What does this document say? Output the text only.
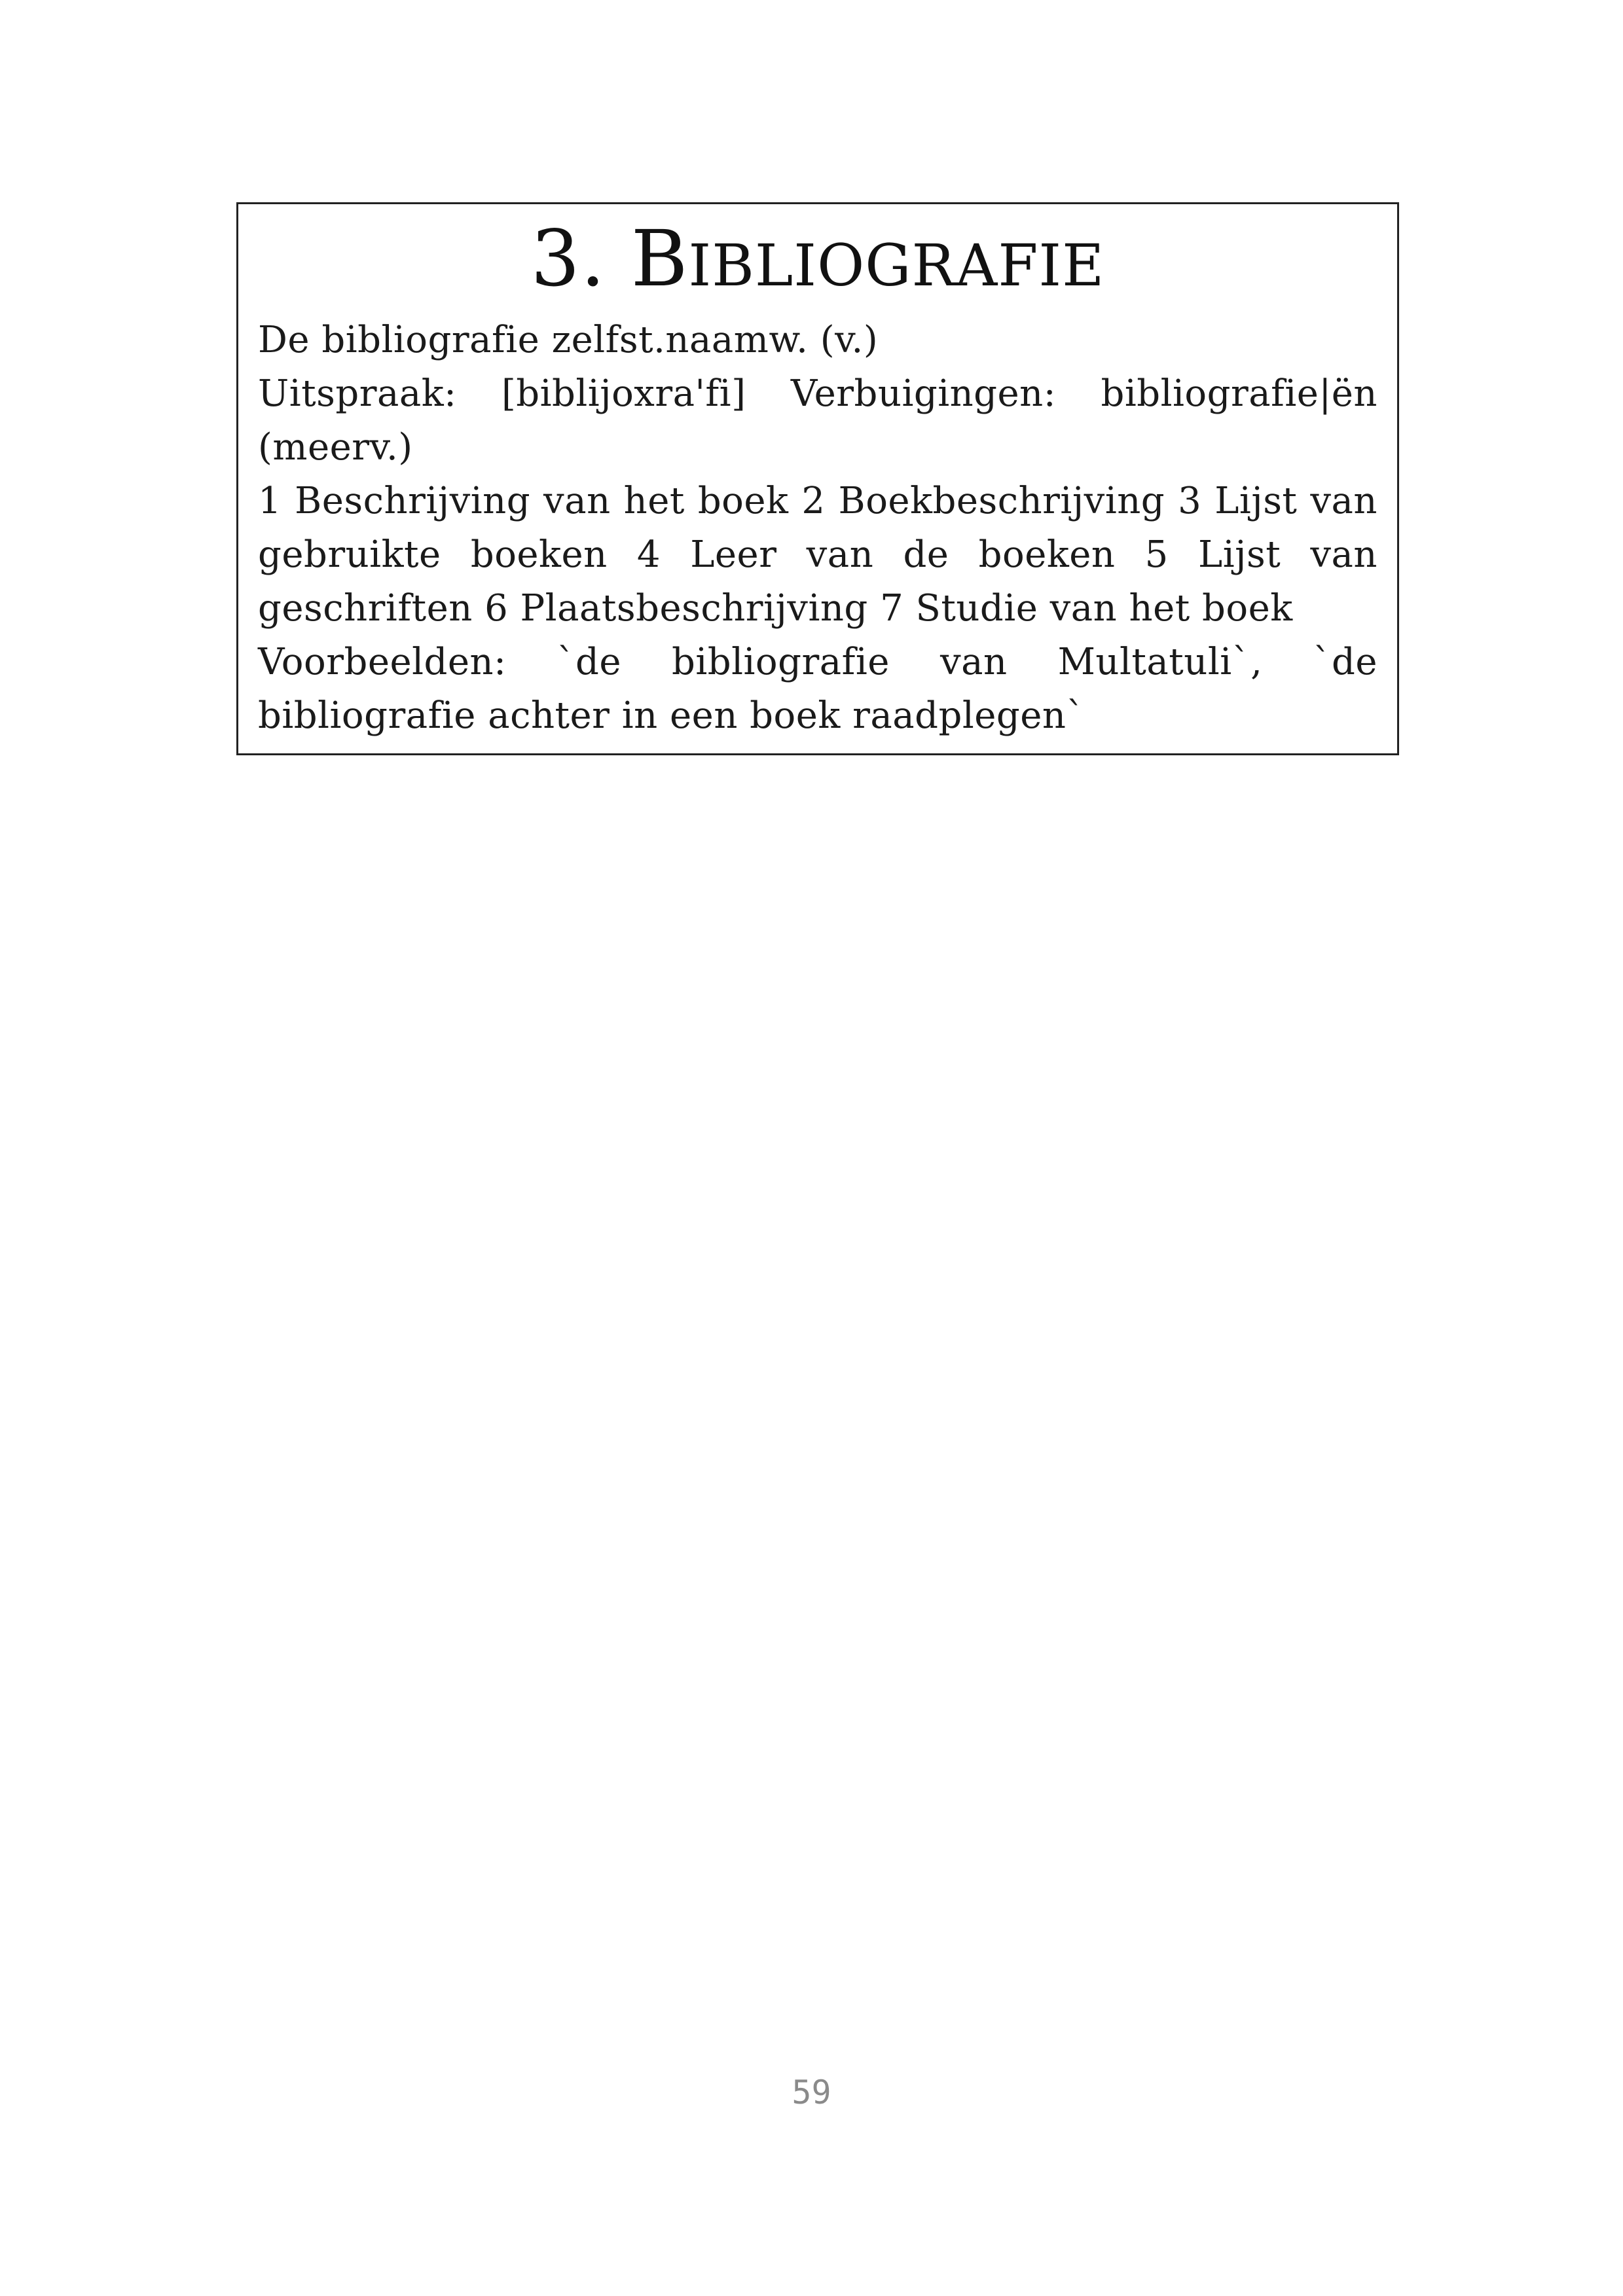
3. BIBLIOGRAFIE

De bibliografie zelfst.naamw. (v.)

Uitspraak: [biblijoxra'fi] Verbuigingen: bibliografie|ën (meerv.)

1 Beschrijving van het boek 2 Boekbeschrijving 3 Lijst van gebruikte boeken 4 Leer van de boeken 5 Lijst van geschriften 6 Plaatsbeschrijving 7 Studie van het boek

Voorbeelden: `de bibliografie van Multatuli`, `de bibliografie achter in een boek raadplegen`

59
